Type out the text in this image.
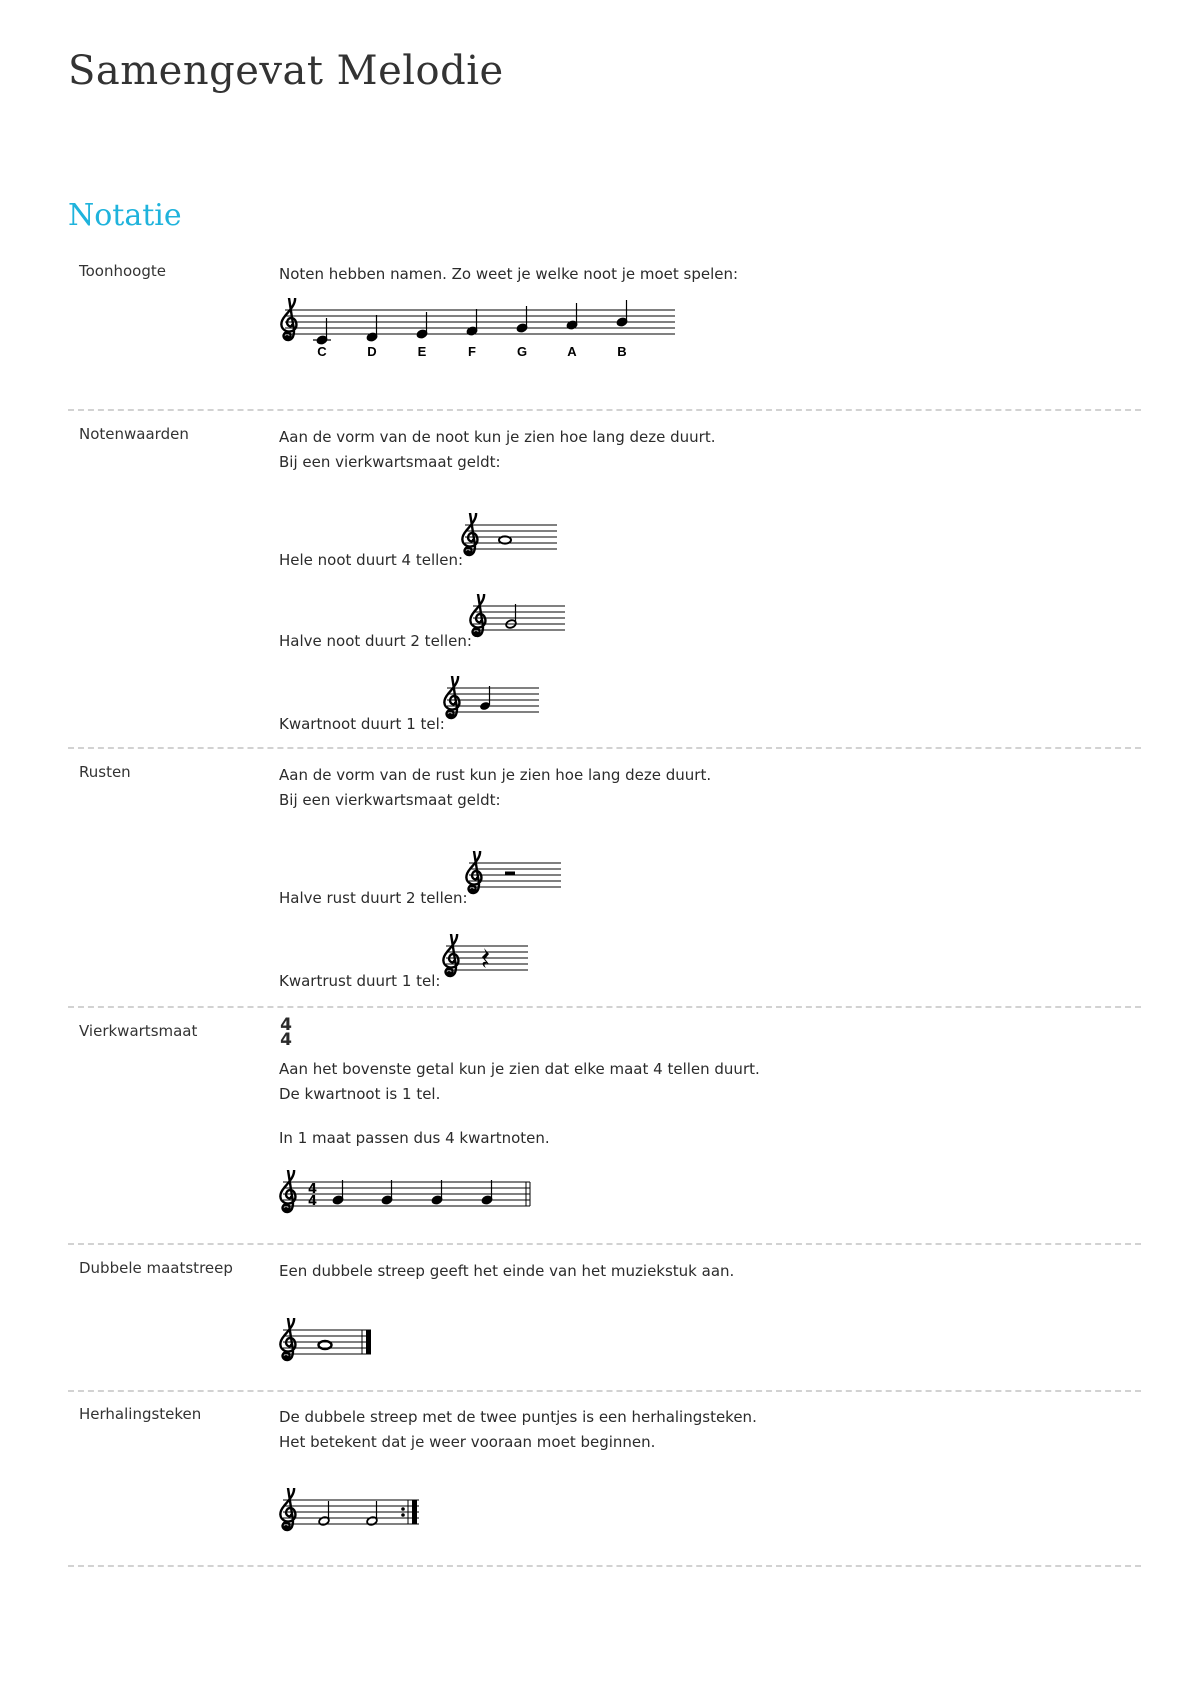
Samengevat Melodie
Notatie
Toonhoogte	Noten hebben namen. Zo weet je welke noot je moet spelen:

C	D	E	F	G	A	B
Notenwaarden	Aan de vorm van de noot kun je zien hoe lang deze duurt.

Bij een vierkwartsmaat geldt:

Hele noot duurt 4 tellen:

Halve noot duurt 2 tellen:

Kwartnoot duurt 1 tel:

Rusten	Aan de vorm van de rust kun je zien hoe lang deze duurt.

Bij een vierkwartsmaat geldt:

Halve rust duurt 2 tellen:

Kwartrust duurt 1 tel:

Vierkwartsmaat	4
4

Aan het bovenste getal kun je zien dat elke maat 4 tellen duurt.

De kwartnoot is 1 tel.

In 1 maat passen dus 4 kwartnoten.

4
4
Dubbele maatstreep	Een dubbele streep geeft het einde van het muziekstuk aan.

Herhalingsteken	De dubbele streep met de twee puntjes is een herhalingsteken.

Het betekent dat je weer vooraan moet beginnen.
